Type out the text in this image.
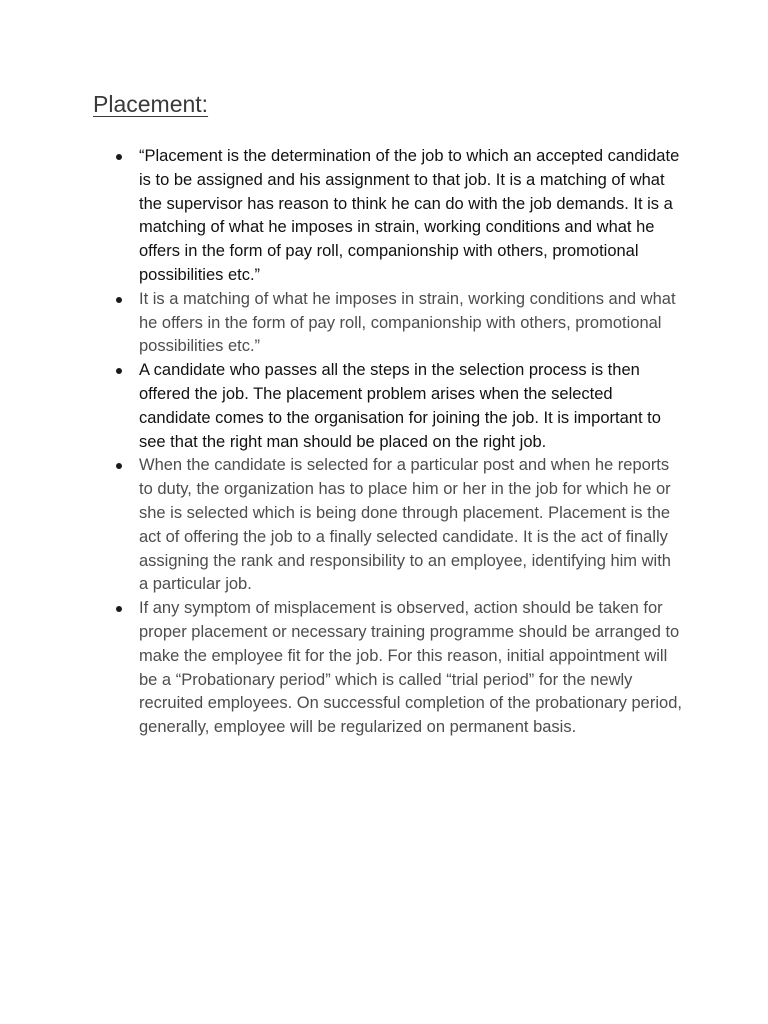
Placement:
“Placement is the determination of the job to which an accepted candidate is to be assigned and his assignment to that job. It is a matching of what the supervisor has reason to think he can do with the job demands. It is a matching of what he imposes in strain, working conditions and what he offers in the form of pay roll, companionship with others, promotional possibilities etc.”
It is a matching of what he imposes in strain, working conditions and what he offers in the form of pay roll, companionship with others, promotional possibilities etc.”
A candidate who passes all the steps in the selection process is then offered the job. The placement problem arises when the selected candidate comes to the organisation for joining the job. It is important to see that the right man should be placed on the right job.
When the candidate is selected for a particular post and when he reports to duty, the organization has to place him or her in the job for which he or she is selected which is being done through placement. Placement is the act of offering the job to a finally selected candidate. It is the act of finally assigning the rank and responsibility to an employee, identifying him with a particular job.
If any symptom of misplacement is observed, action should be taken for proper placement or necessary training programme should be arranged to make the employee fit for the job. For this reason, initial appointment will be a “Probationary period” which is called “trial period” for the newly recruited employees. On successful completion of the probationary period, generally, employee will be regularized on permanent basis.
